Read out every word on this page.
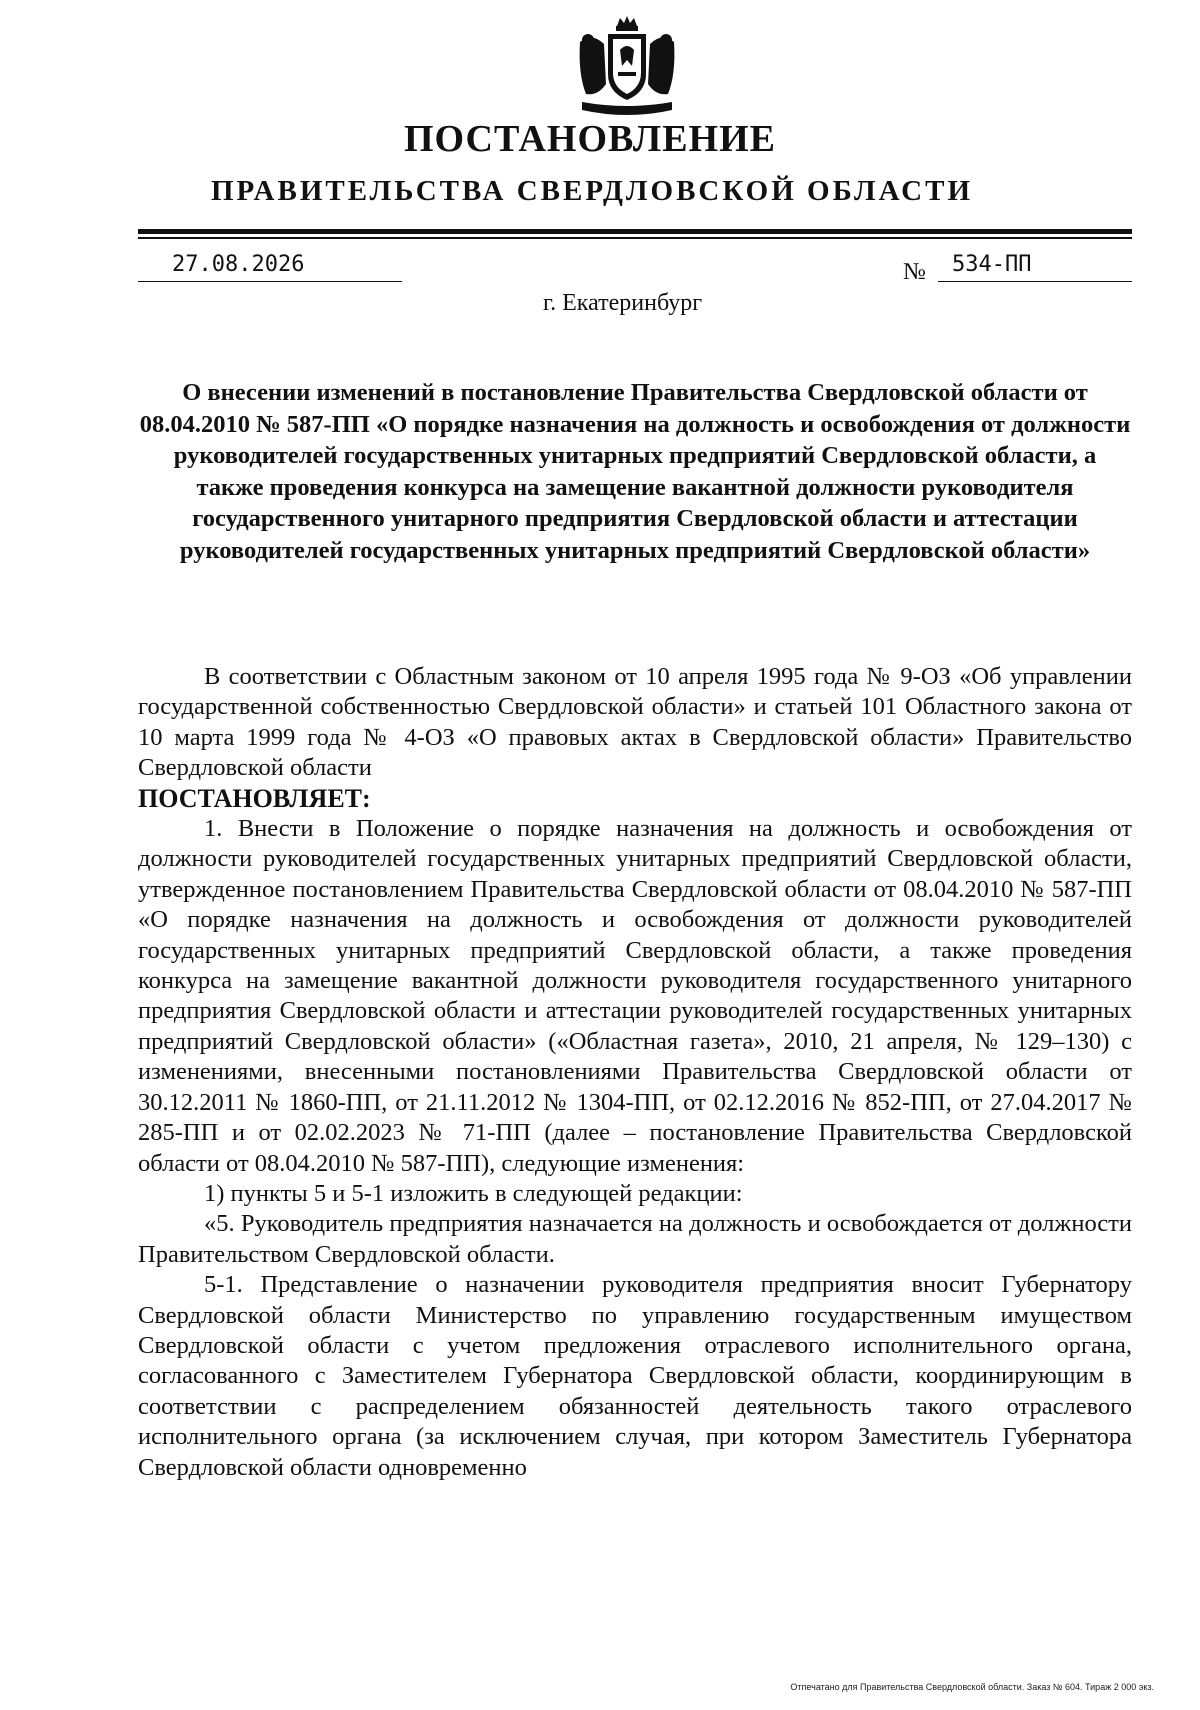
ПОСТАНОВЛЕНИЕ
ПРАВИТЕЛЬСТВА СВЕРДЛОВСКОЙ ОБЛАСТИ
27.08.2026	№	534-ПП
г. Екатеринбург

О внесении изменений в постановление Правительства Свердловской области от 08.04.2010 № 587-ПП «О порядке назначения на должность и освобождения от должности руководителей государственных унитарных предприятий Свердловской области, а также проведения конкурса на замещение вакантной должности руководителя государственного унитарного предприятия Свердловской области и аттестации руководителей государственных унитарных предприятий Свердловской области»

В соответствии с Областным законом от 10 апреля 1995 года № 9-ОЗ «Об управлении государственной собственностью Свердловской области» и статьей 101 Областного закона от 10 марта 1999 года № 4-ОЗ «О правовых актах в Свердловской области» Правительство Свердловской области

ПОСТАНОВЛЯЕТ:

1. Внести в Положение о порядке назначения на должность и освобождения от должности руководителей государственных унитарных предприятий Свердловской области, утвержденное постановлением Правительства Свердловской области от 08.04.2010 № 587-ПП «О порядке назначения на должность и освобождения от должности руководителей государственных унитарных предприятий Свердловской области, а также проведения конкурса на замещение вакантной должности руководителя государственного унитарного предприятия Свердловской области и аттестации руководителей государственных унитарных предприятий Свердловской области» («Областная газета», 2010, 21 апреля, № 129–130) с изменениями, внесенными постановлениями Правительства Свердловской области от 30.12.2011 № 1860-ПП, от 21.11.2012 № 1304-ПП, от 02.12.2016 № 852-ПП, от 27.04.2017 № 285-ПП и от 02.02.2023 № 71-ПП (далее – постановление Правительства Свердловской области от 08.04.2010 № 587-ПП), следующие изменения:

1) пункты 5 и 5-1 изложить в следующей редакции:

«5. Руководитель предприятия назначается на должность и освобождается от должности Правительством Свердловской области.

5-1. Представление о назначении руководителя предприятия вносит Губернатору Свердловской области Министерство по управлению государственным имуществом Свердловской области с учетом предложения отраслевого исполнительного органа, согласованного с Заместителем Губернатора Свердловской области, координирующим в соответствии с распределением обязанностей деятельность такого отраслевого исполнительного органа (за исключением случая, при котором Заместитель Губернатора Свердловской области одновременно

Отпечатано для Правительства Свердловской области. Заказ № 604. Тираж 2 000 экз.
